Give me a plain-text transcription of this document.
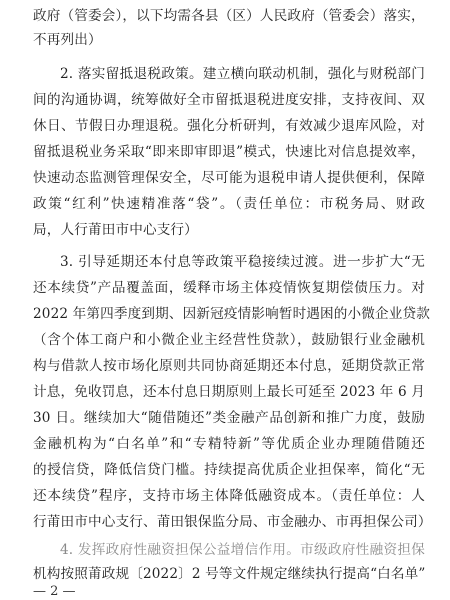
政府（管委会），以下均需各县（区）人民政府（管委会）落实，
不再列出）
2. 落实留抵退税政策。建立横向联动机制，强化与财税部门
间的沟通协调，统筹做好全市留抵退税进度安排，支持夜间、双
休日、节假日办理退税。强化分析研判，有效减少退库风险，对
留抵退税业务采取“即来即审即退”模式，快速比对信息提效率，
快速动态监测管理保安全，尽可能为退税申请人提供便利，保障
政策“红利”快速精准落“袋”。（责任单位：市税务局、财政
局，人行莆田市中心支行）
3. 引导延期还本付息等政策平稳接续过渡。进一步扩大“无
还本续贷”产品覆盖面，缓释市场主体疫情恢复期偿债压力。对
2022 年第四季度到期、因新冠疫情影响暂时遇困的小微企业贷款
（含个体工商户和小微企业主经营性贷款），鼓励银行业金融机
构与借款人按市场化原则共同协商延期还本付息，延期贷款正常
计息，免收罚息，还本付息日期原则上最长可延至 2023 年 6 月
30 日。继续加大“随借随还”类金融产品创新和推广力度，鼓励
金融机构为“白名单”和“专精特新”等优质企业办理随借随还
的授信贷，降低信贷门槛。持续提高优质企业担保率，简化“无
还本续贷”程序，支持市场主体降低融资成本。（责任单位：人
行莆田市中心支行、莆田银保监分局、市金融办、市再担保公司）
4. 发挥政府性融资担保公益增信作用。市级政府性融资担保
机构按照莆政规〔2022〕2 号等文件规定继续执行提高“白名单”
— 2 —
